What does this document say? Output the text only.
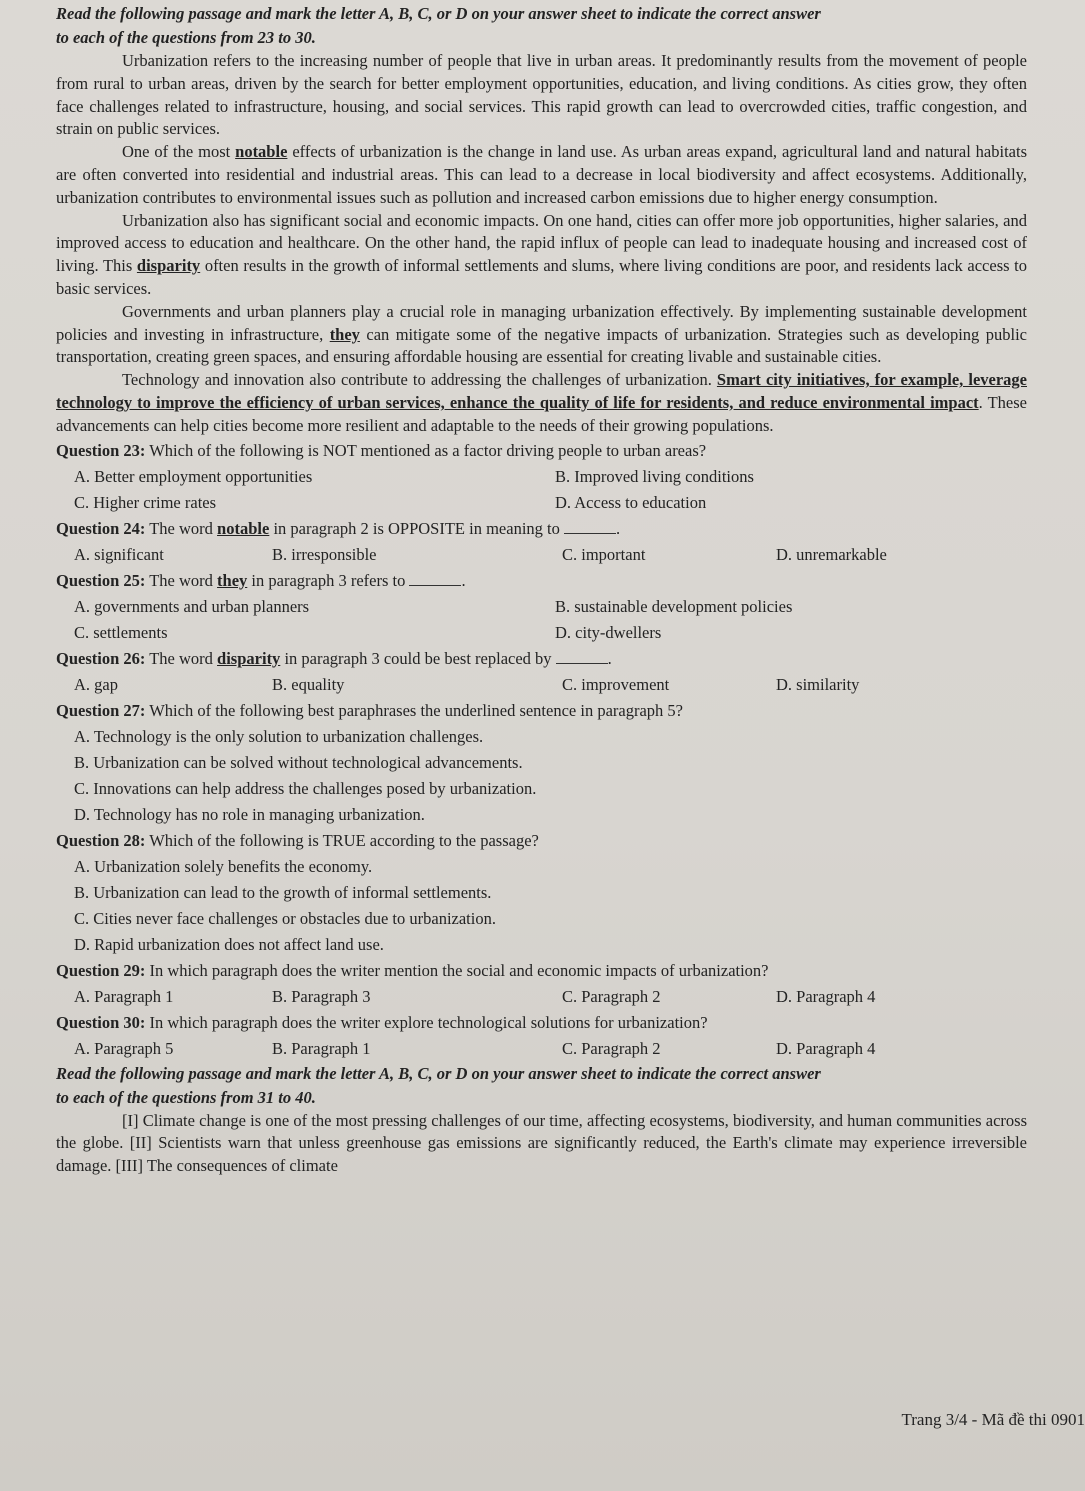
Read the following passage and mark the letter A, B, C, or D on your answer sheet to indicate the correct answer
to each of the questions from 23 to 30.

Urbanization refers to the increasing number of people that live in urban areas. It predominantly results from the movement of people from rural to urban areas, driven by the search for better employment opportunities, education, and living conditions. As cities grow, they often face challenges related to infrastructure, housing, and social services. This rapid growth can lead to overcrowded cities, traffic congestion, and strain on public services.

One of the most notable effects of urbanization is the change in land use. As urban areas expand, agricultural land and natural habitats are often converted into residential and industrial areas. This can lead to a decrease in local biodiversity and affect ecosystems. Additionally, urbanization contributes to environmental issues such as pollution and increased carbon emissions due to higher energy consumption.

Urbanization also has significant social and economic impacts. On one hand, cities can offer more job opportunities, higher salaries, and improved access to education and healthcare. On the other hand, the rapid influx of people can lead to inadequate housing and increased cost of living. This disparity often results in the growth of informal settlements and slums, where living conditions are poor, and residents lack access to basic services.

Governments and urban planners play a crucial role in managing urbanization effectively. By implementing sustainable development policies and investing in infrastructure, they can mitigate some of the negative impacts of urbanization. Strategies such as developing public transportation, creating green spaces, and ensuring affordable housing are essential for creating livable and sustainable cities.

Technology and innovation also contribute to addressing the challenges of urbanization. Smart city initiatives, for example, leverage technology to improve the efficiency of urban services, enhance the quality of life for residents, and reduce environmental impact. These advancements can help cities become more resilient and adaptable to the needs of their growing populations.

Question 23: Which of the following is NOT mentioned as a factor driving people to urban areas?

A. Better employment opportunities	B. Improved living conditions
C. Higher crime rates	D. Access to education

Question 24: The word notable in paragraph 2 is OPPOSITE in meaning to	.

A. significant	B. irresponsible	C. important	D. unremarkable

Question 25: The word they in paragraph 3 refers to	.

A. governments and urban planners	B. sustainable development policies
C. settlements	D. city-dwellers

Question 26: The word disparity in paragraph 3 could be best replaced by	.

A. gap	B. equality	C. improvement	D. similarity

Question 27: Which of the following best paraphrases the underlined sentence in paragraph 5?

A. Technology is the only solution to urbanization challenges.
B. Urbanization can be solved without technological advancements.
C. Innovations can help address the challenges posed by urbanization.
D. Technology has no role in managing urbanization.

Question 28: Which of the following is TRUE according to the passage?

A. Urbanization solely benefits the economy.
B. Urbanization can lead to the growth of informal settlements.
C. Cities never face challenges or obstacles due to urbanization.
D. Rapid urbanization does not affect land use.

Question 29: In which paragraph does the writer mention the social and economic impacts of urbanization?

A. Paragraph 1	B. Paragraph 3	C. Paragraph 2	D. Paragraph 4

Question 30: In which paragraph does the writer explore technological solutions for urbanization?

A. Paragraph 5	B. Paragraph 1	C. Paragraph 2	D. Paragraph 4
Read the following passage and mark the letter A, B, C, or D on your answer sheet to indicate the correct answer
to each of the questions from 31 to 40.

[I] Climate change is one of the most pressing challenges of our time, affecting ecosystems, biodiversity, and human communities across the globe. [II] Scientists warn that unless greenhouse gas emissions are significantly reduced, the Earth's climate may experience irreversible damage. [III] The consequences of climate

Trang 3/4 - Mã đề thi 0901
